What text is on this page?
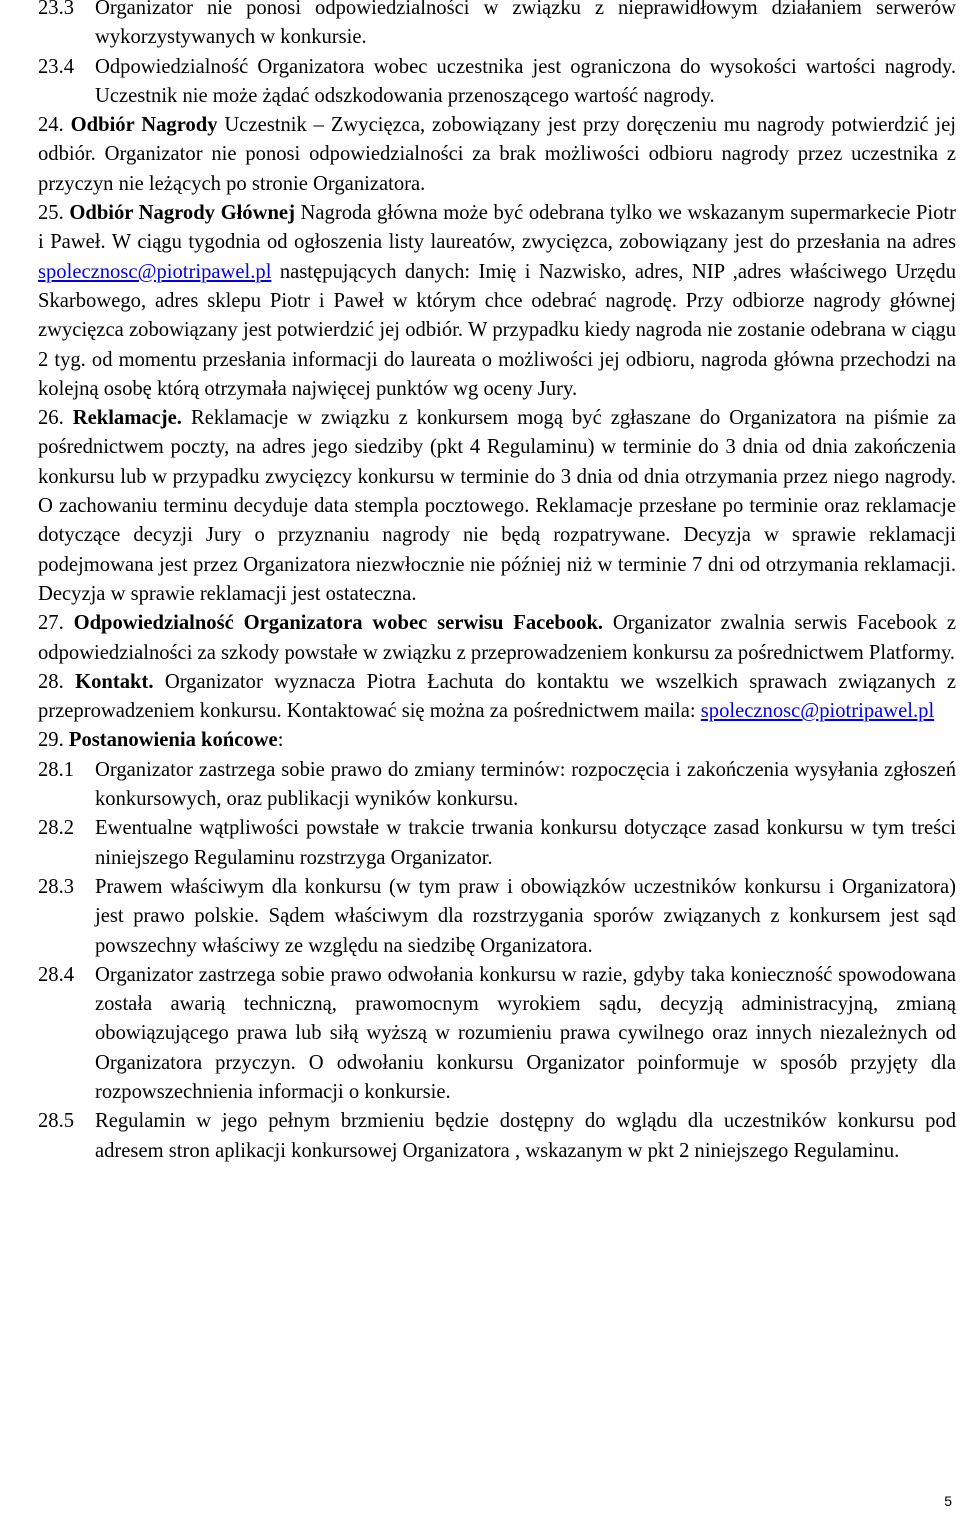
23.3 Organizator nie ponosi odpowiedzialności w związku z nieprawidłowym działaniem serwerów wykorzystywanych w konkursie.
23.4 Odpowiedzialność Organizatora wobec uczestnika jest ograniczona do wysokości wartości nagrody. Uczestnik nie może żądać odszkodowania przenoszącego wartość nagrody.
24. Odbiór Nagrody Uczestnik – Zwycięzca, zobowiązany jest przy doręczeniu mu nagrody potwierdzić jej odbiór. Organizator nie ponosi odpowiedzialności za brak możliwości odbioru nagrody przez uczestnika z przyczyn nie leżących po stronie Organizatora.
25. Odbiór Nagrody Głównej Nagroda główna może być odebrana tylko we wskazanym supermarkecie Piotr i Paweł. W ciągu tygodnia od ogłoszenia listy laureatów, zwycięzca, zobowiązany jest do przesłania na adres spolecznosc@piotripawel.pl następujących danych: Imię i Nazwisko, adres, NIP ,adres właściwego Urzędu Skarbowego, adres sklepu Piotr i Paweł w którym chce odebrać nagrodę. Przy odbiorze nagrody głównej zwycięzca zobowiązany jest potwierdzić jej odbiór. W przypadku kiedy nagroda nie zostanie odebrana w ciągu 2 tyg. od momentu przesłania informacji do laureata o możliwości jej odbioru, nagroda główna przechodzi na kolejną osobę którą otrzymała najwięcej punktów wg oceny Jury.
26. Reklamacje. Reklamacje w związku z konkursem mogą być zgłaszane do Organizatora na piśmie za pośrednictwem poczty, na adres jego siedziby (pkt 4 Regulaminu) w terminie do 3 dnia od dnia zakończenia konkursu lub w przypadku zwycięzcy konkursu w terminie do 3 dnia od dnia otrzymania przez niego nagrody. O zachowaniu terminu decyduje data stempla pocztowego. Reklamacje przesłane po terminie oraz reklamacje dotyczące decyzji Jury o przyznaniu nagrody nie będą rozpatrywane. Decyzja w sprawie reklamacji podejmowana jest przez Organizatora niezwłocznie nie później niż w terminie 7 dni od otrzymania reklamacji. Decyzja w sprawie reklamacji jest ostateczna.
27. Odpowiedzialność Organizatora wobec serwisu Facebook. Organizator zwalnia serwis Facebook z odpowiedzialności za szkody powstałe w związku z przeprowadzeniem konkursu za pośrednictwem Platformy.
28. Kontakt. Organizator wyznacza Piotra Łachuta do kontaktu we wszelkich sprawach związanych z przeprowadzeniem konkursu. Kontaktować się można za pośrednictwem maila: spolecznosc@piotripawel.pl
29. Postanowienia końcowe:
28.1 Organizator zastrzega sobie prawo do zmiany terminów: rozpoczęcia i zakończenia wysyłania zgłoszeń konkursowych, oraz publikacji wyników konkursu.
28.2 Ewentualne wątpliwości powstałe w trakcie trwania konkursu dotyczące zasad konkursu w tym treści niniejszego Regulaminu rozstrzyga Organizator.
28.3 Prawem właściwym dla konkursu (w tym praw i obowiązków uczestników konkursu i Organizatora) jest prawo polskie. Sądem właściwym dla rozstrzygania sporów związanych z konkursem jest sąd powszechny właściwy ze względu na siedzibę Organizatora.
28.4 Organizator zastrzega sobie prawo odwołania konkursu w razie, gdyby taka konieczność spowodowana została awarią techniczną, prawomocnym wyrokiem sądu, decyzją administracyjną, zmianą obowiązującego prawa lub siłą wyższą w rozumieniu prawa cywilnego oraz innych niezależnych od Organizatora przyczyn. O odwołaniu konkursu Organizator poinformuje w sposób przyjęty dla rozpowszechnienia informacji o konkursie.
28.5 Regulamin w jego pełnym brzmieniu będzie dostępny do wglądu dla uczestników konkursu pod adresem stron aplikacji konkursowej Organizatora , wskazanym w pkt 2 niniejszego Regulaminu.
5
